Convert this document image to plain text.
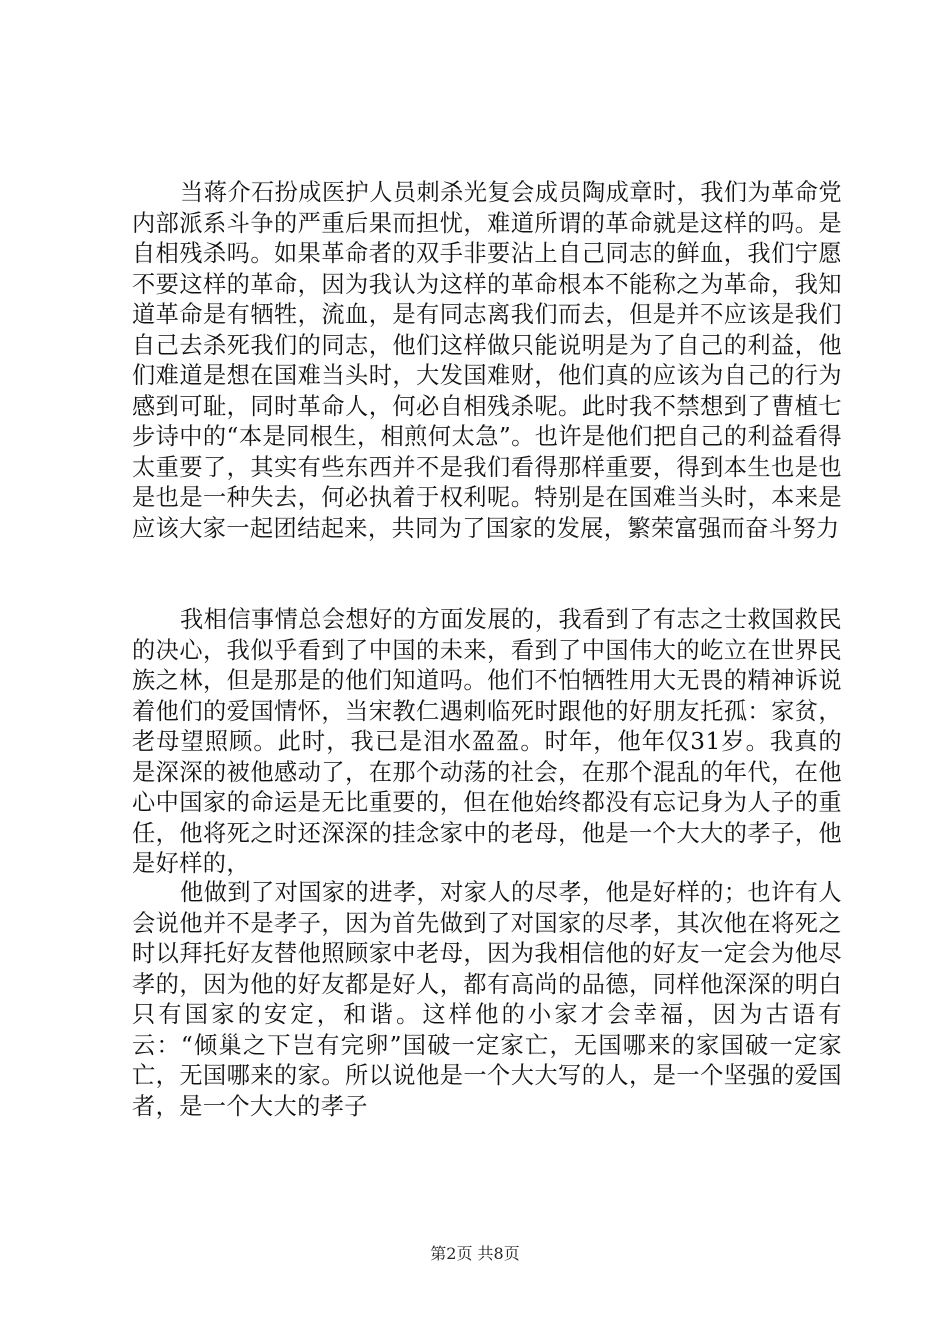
当蒋介石扮成医护人员刺杀光复会成员陶成章时，我们为革命党内部派系斗争的严重后果而担忧，难道所谓的革命就是这样的吗。是自相残杀吗。如果革命者的双手非要沾上自己同志的鲜血，我们宁愿不要这样的革命，因为我认为这样的革命根本不能称之为革命，我知道革命是有牺牲，流血，是有同志离我们而去，但是并不应该是我们自己去杀死我们的同志，他们这样做只能说明是为了自己的利益，他们难道是想在国难当头时，大发国难财，他们真的应该为自己的行为感到可耻，同时革命人，何必自相残杀呢。此时我不禁想到了曹植七步诗中的“本是同根生，相煎何太急”。也许是他们把自己的利益看得太重要了，其实有些东西并不是我们看得那样重要，得到本生也是也是也是一种失去，何必执着于权利呢。特别是在国难当头时，本来是应该大家一起团结起来，共同为了国家的发展，繁荣富强而奋斗努力

我相信事情总会想好的方面发展的，我看到了有志之士救国救民的决心，我似乎看到了中国的未来，看到了中国伟大的屹立在世界民族之林，但是那是的他们知道吗。他们不怕牺牲用大无畏的精神诉说着他们的爱国情怀，当宋教仁遇刺临死时跟他的好朋友托孤：家贫，老母望照顾。此时，我已是泪水盈盈。时年，他年仅31岁。我真的是深深的被他感动了，在那个动荡的社会，在那个混乱的年代，在他心中国家的命运是无比重要的，但在他始终都没有忘记身为人子的重任，他将死之时还深深的挂念家中的老母，他是一个大大的孝子，他是好样的，

他做到了对国家的进孝，对家人的尽孝，他是好样的；也许有人会说他并不是孝子，因为首先做到了对国家的尽孝，其次他在将死之时以拜托好友替他照顾家中老母，因为我相信他的好友一定会为他尽孝的，因为他的好友都是好人，都有高尚的品德，同样他深深的明白只有国家的安定，和谐。这样他的小家才会幸福，因为古语有云：“倾巢之下岂有完卵”国破一定家亡，无国哪来的家国破一定家亡，无国哪来的家。所以说他是一个大大写的人，是一个坚强的爱国者，是一个大大的孝子

第2页 共8页
